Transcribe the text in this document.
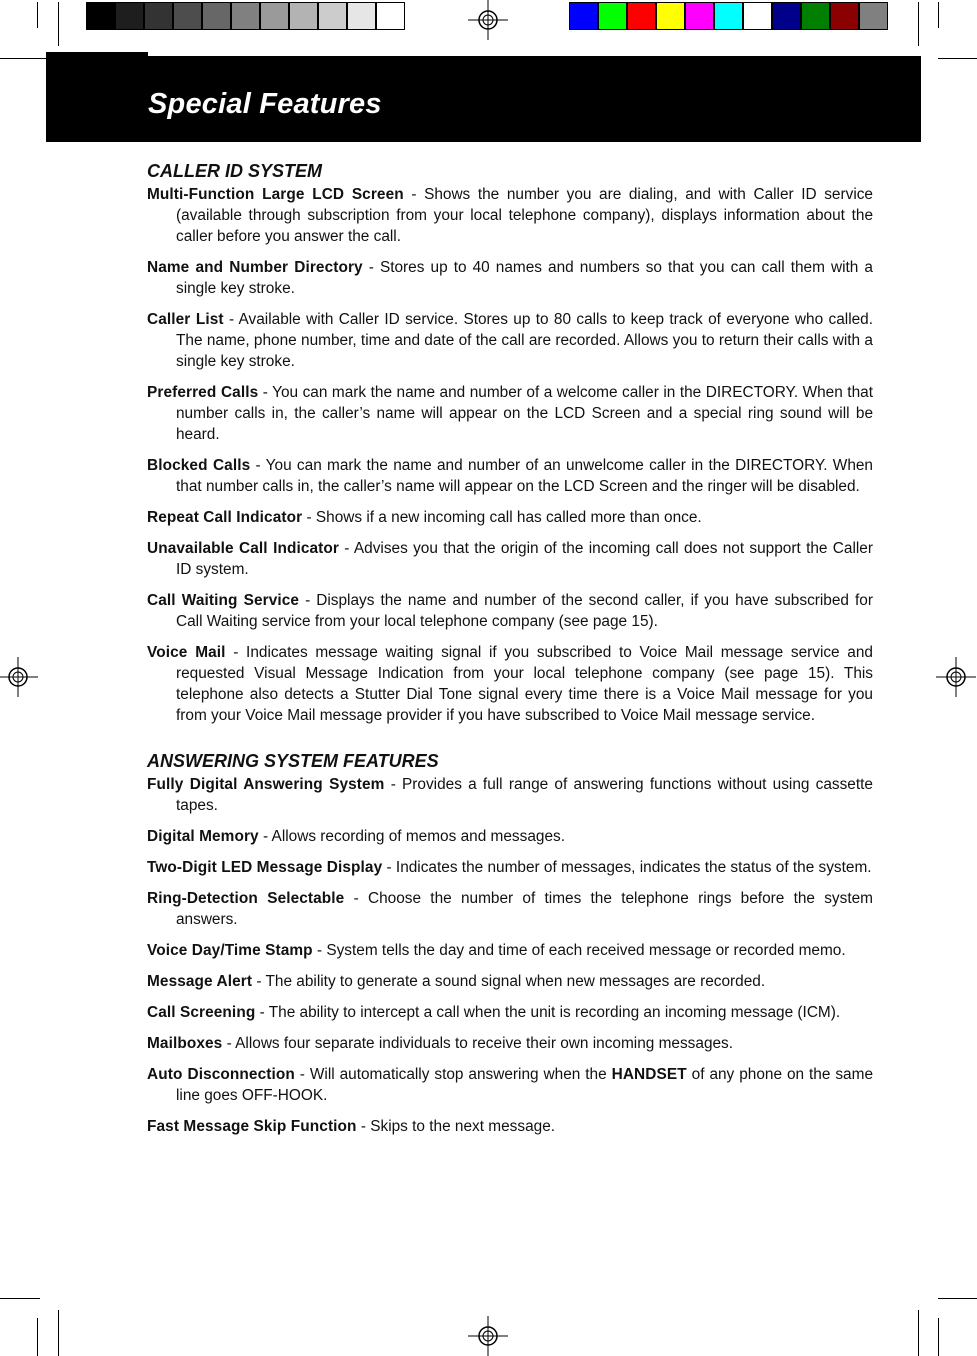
Special Features
CALLER ID SYSTEM
Multi-Function Large LCD Screen - Shows the number you are dialing, and with Caller ID service (available through subscription from your local telephone company), displays information about the caller before you answer the call.
Name and Number Directory - Stores up to 40 names and numbers so that you can call them with a single key stroke.
Caller List - Available with Caller ID service. Stores up to 80 calls to keep track of everyone who called. The name, phone number, time and date of the call are recorded. Allows you to return their calls with a single key stroke.
Preferred Calls - You can mark the name and number of a welcome caller in the DIRECTORY. When that number calls in, the caller’s name will appear on the LCD Screen and a special ring sound will be heard.
Blocked Calls - You can mark the name and number of an unwelcome caller in the DIRECTORY. When that number calls in, the caller’s name will appear on the LCD Screen and the ringer will be disabled.
Repeat Call Indicator - Shows if a new incoming call has called more than once.
Unavailable Call Indicator - Advises you that the origin of the incoming call does not support the Caller ID system.
Call Waiting Service - Displays the name and number of the second caller, if you have subscribed for Call Waiting service from your local telephone company (see page 15).
Voice Mail - Indicates message waiting signal if you subscribed to Voice Mail message service and requested Visual Message Indication from your local telephone company (see page 15). This telephone also detects a Stutter Dial Tone signal every time there is a Voice Mail message for you from your Voice Mail message provider if you have subscribed to Voice Mail message service.
ANSWERING SYSTEM FEATURES
Fully Digital Answering System - Provides a full range of answering functions without using cassette tapes.
Digital Memory - Allows recording of memos and messages.
Two-Digit LED Message Display - Indicates the number of messages, indicates the status of the system.
Ring-Detection Selectable - Choose the number of times the telephone rings before the system answers.
Voice Day/Time Stamp - System tells the day and time of each received message or recorded memo.
Message Alert - The ability to generate a sound signal when new messages are recorded.
Call Screening - The ability to intercept a call when the unit is recording an incoming message (ICM).
Mailboxes - Allows four separate individuals to receive their own incoming messages.
Auto Disconnection - Will automatically stop answering when the HANDSET of any phone on the same line goes OFF-HOOK.
Fast Message Skip Function - Skips to the next message.
